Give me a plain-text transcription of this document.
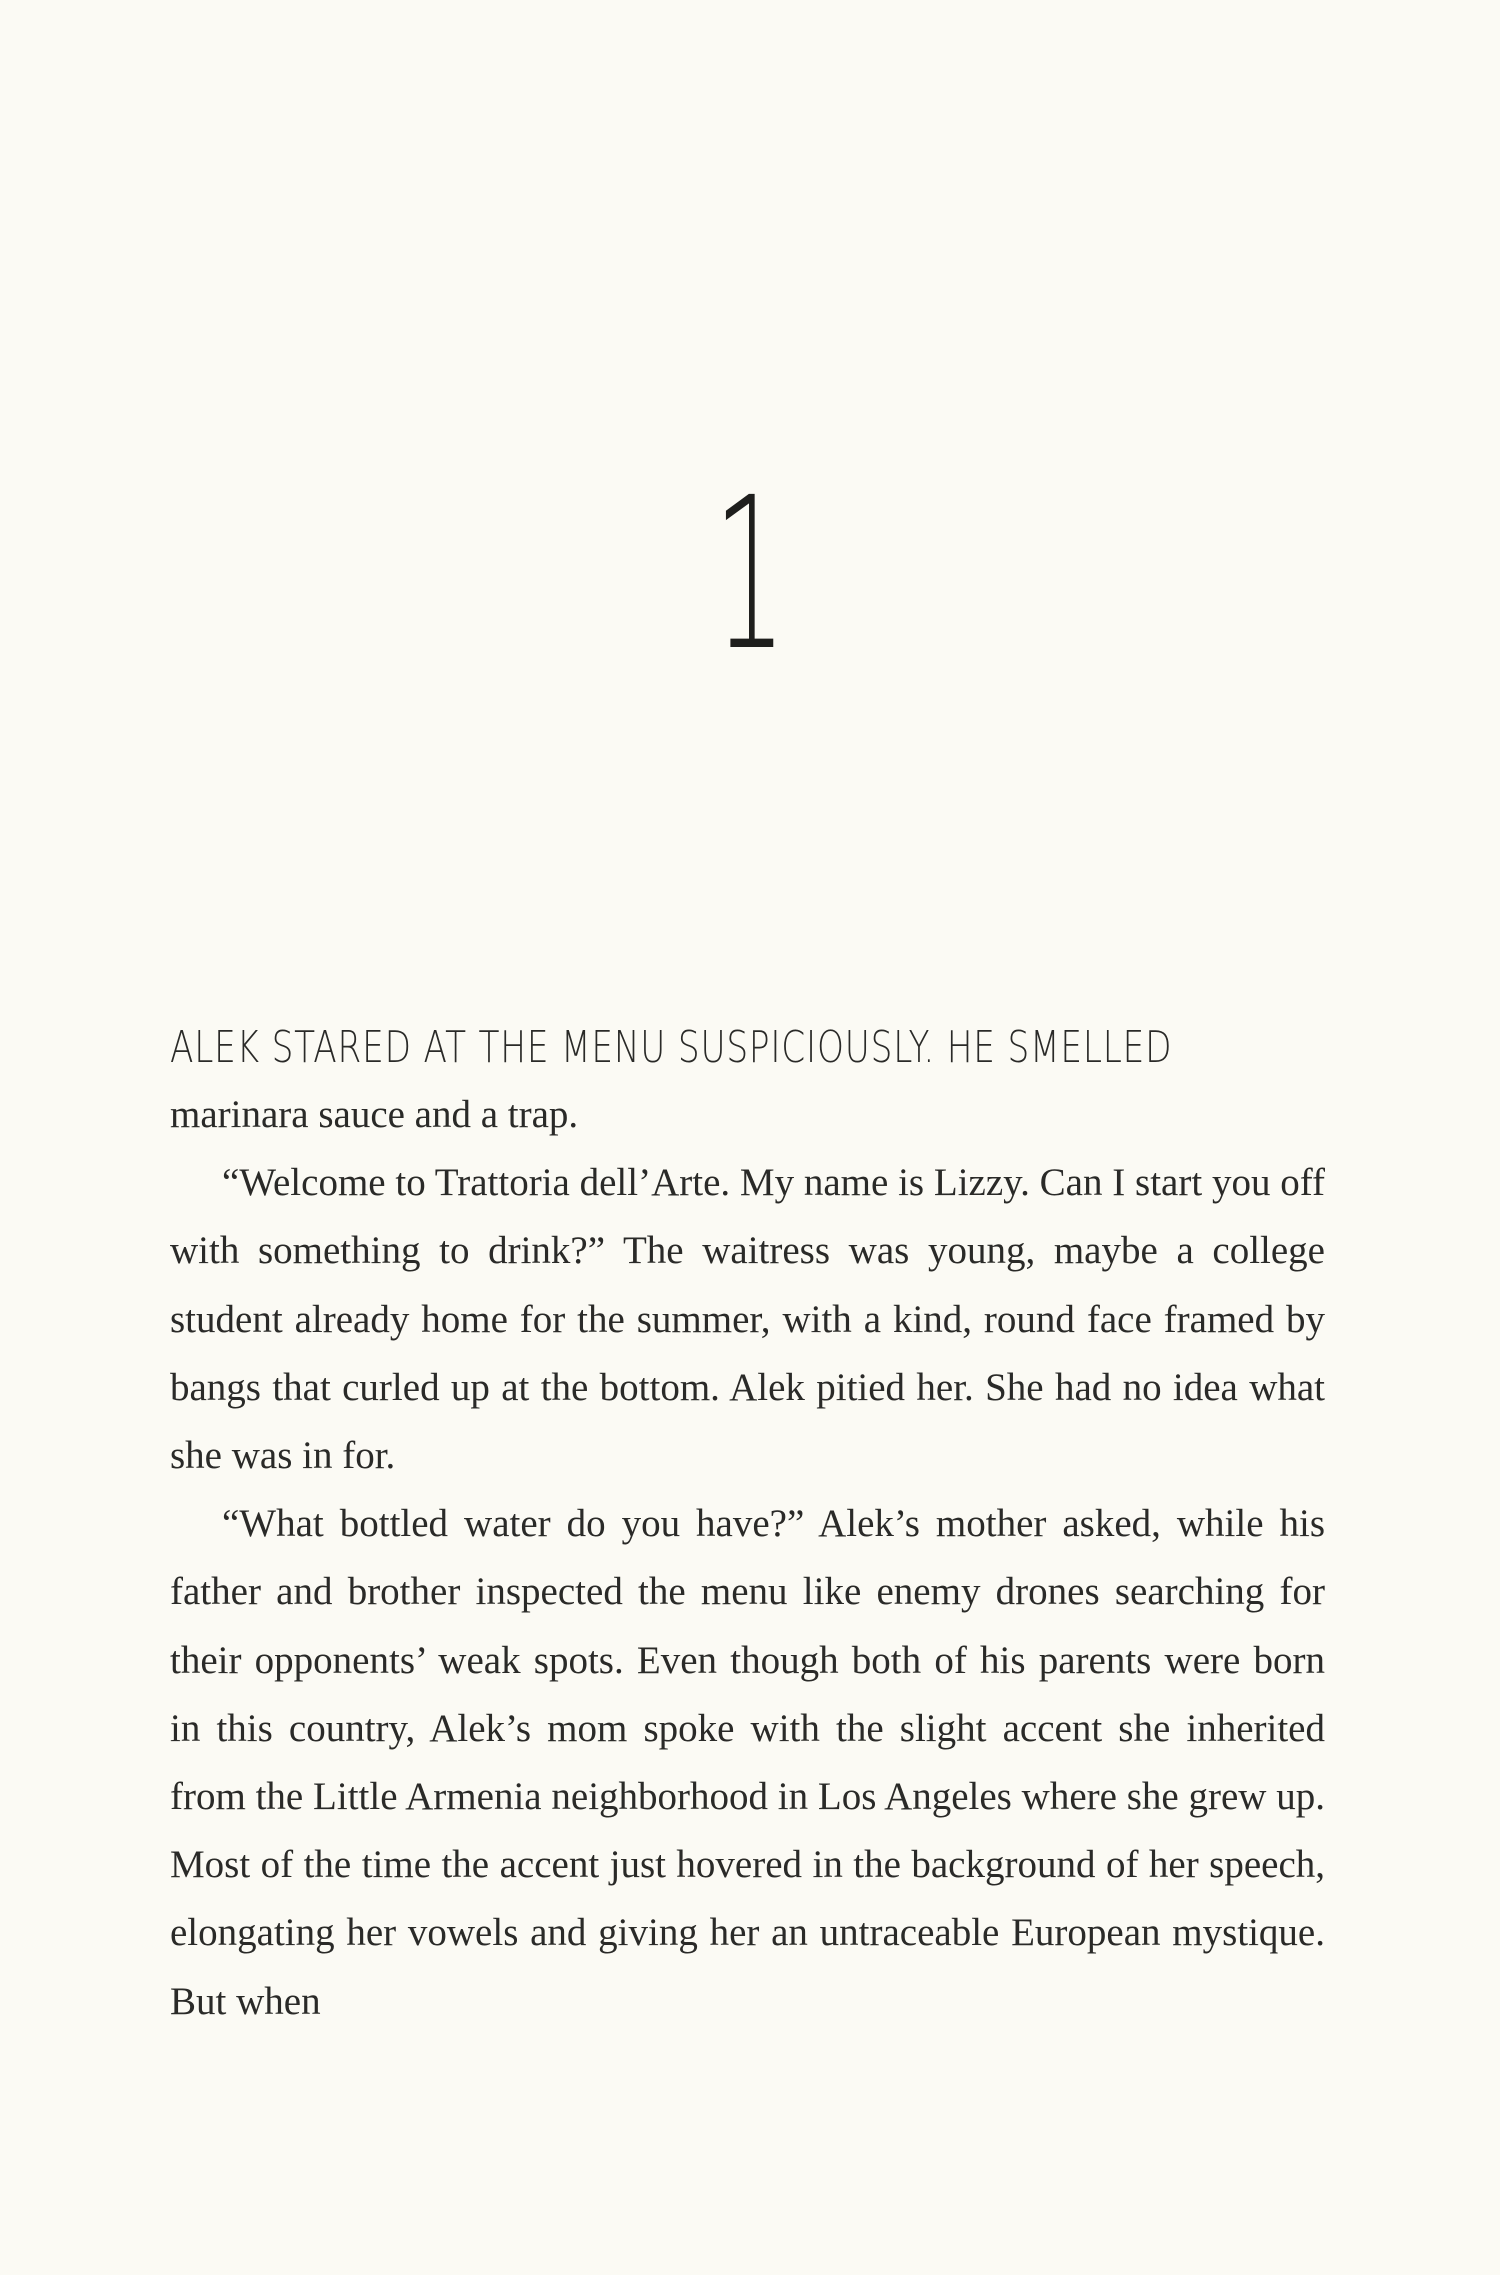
1
ALEK STARED AT THE MENU SUSPICIOUSLY. HE SMELLED

marinara sauce and a trap.

“Welcome to Trattoria dell’Arte. My name is Lizzy. Can I start you off with something to drink?” The waitress was young, maybe a college student already home for the summer, with a kind, round face framed by bangs that curled up at the bottom. Alek pitied her. She had no idea what she was in for.

“What bottled water do you have?” Alek’s mother asked, while his father and brother inspected the menu like enemy drones searching for their opponents’ weak spots. Even though both of his parents were born in this country, Alek’s mom spoke with the slight accent she inherited from the Little Armenia neighborhood in Los Angeles where she grew up. Most of the time the accent just hovered in the background of her speech, elongating her vowels and giving her an untraceable European mystique. But when
